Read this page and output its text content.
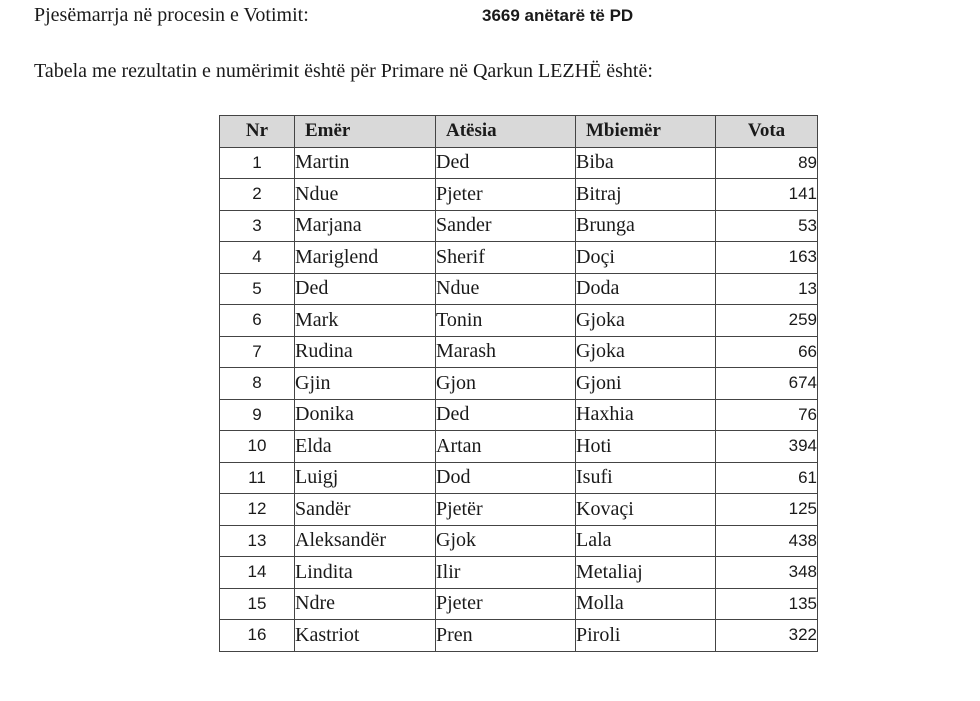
Pjesëmarrja në procesin e Votimit:	3669 anëtarë të PD
Tabela me rezultatin e numërimit është për Primare në Qarkun LEZHË është:
Nr	Emër	Atësia	Mbiemër	Vota
1	Martin	Ded	Biba	89
2	Ndue	Pjeter	Bitraj	141
3	Marjana	Sander	Brunga	53
4	Mariglend	Sherif	Doçi	163
5	Ded	Ndue	Doda	13
6	Mark	Tonin	Gjoka	259
7	Rudina	Marash	Gjoka	66
8	Gjin	Gjon	Gjoni	674
9	Donika	Ded	Haxhia	76
10	Elda	Artan	Hoti	394
11	Luigj	Dod	Isufi	61
12	Sandër	Pjetër	Kovaçi	125
13	Aleksandër	Gjok	Lala	438
14	Lindita	Ilir	Metaliaj	348
15	Ndre	Pjeter	Molla	135
16	Kastriot	Pren	Piroli	322
